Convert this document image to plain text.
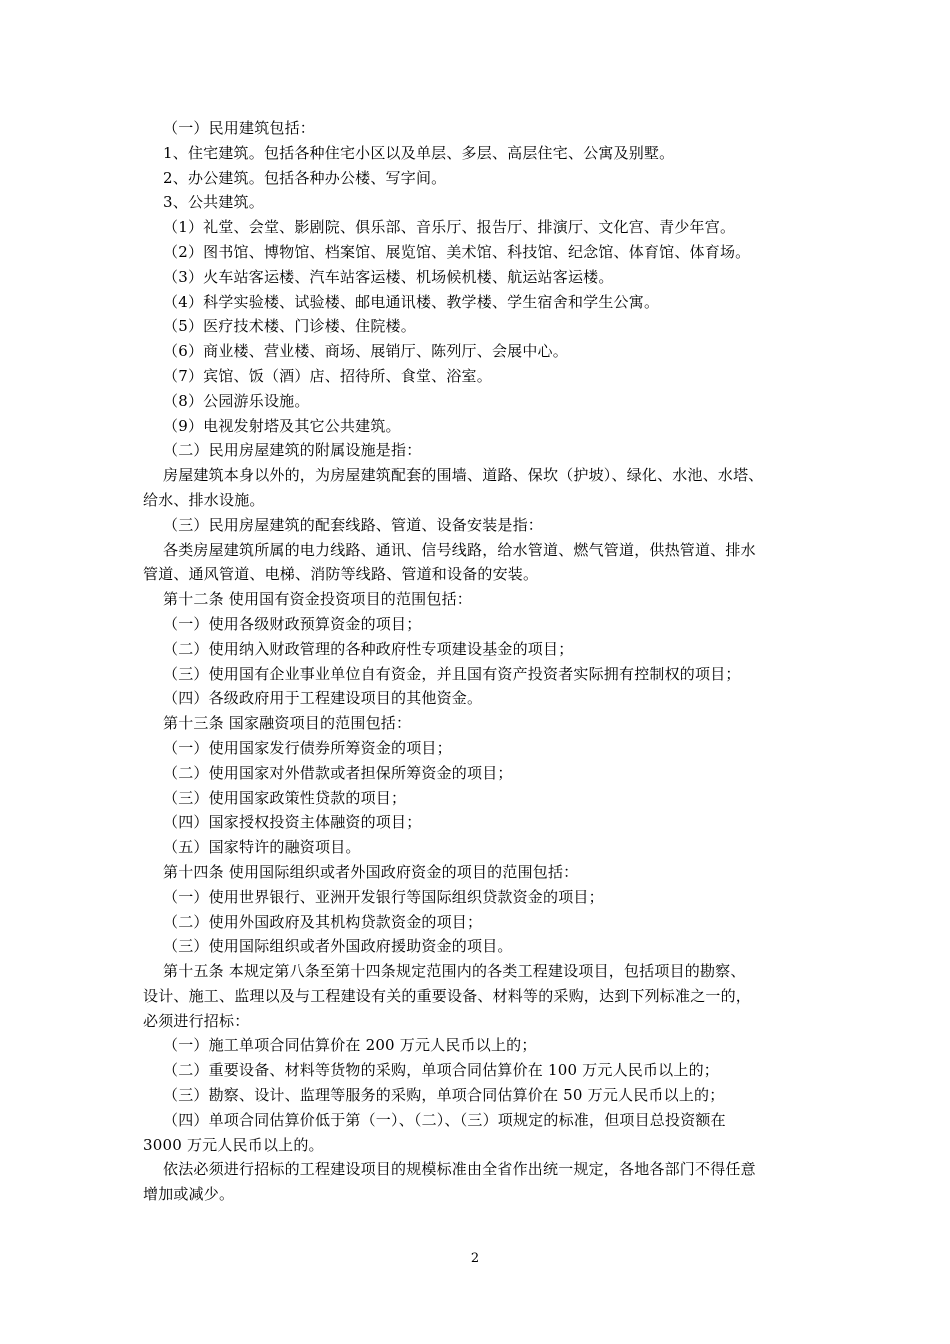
（一）民用建筑包括：
1、住宅建筑。包括各种住宅小区以及单层、多层、高层住宅、公寓及别墅。
2、办公建筑。包括各种办公楼、写字间。
3、公共建筑。
（1）礼堂、会堂、影剧院、俱乐部、音乐厅、报告厅、排演厅、文化宫、青少年宫。
（2）图书馆、博物馆、档案馆、展览馆、美术馆、科技馆、纪念馆、体育馆、体育场。
（3）火车站客运楼、汽车站客运楼、机场候机楼、航运站客运楼。
（4）科学实验楼、试验楼、邮电通讯楼、教学楼、学生宿舍和学生公寓。
（5）医疗技术楼、门诊楼、住院楼。
（6）商业楼、营业楼、商场、展销厅、陈列厅、会展中心。
（7）宾馆、饭（酒）店、招待所、食堂、浴室。
（8）公园游乐设施。
（9）电视发射塔及其它公共建筑。
（二）民用房屋建筑的附属设施是指：
房屋建筑本身以外的，为房屋建筑配套的围墙、道路、保坎（护坡）、绿化、水池、水塔、
给水、排水设施。
（三）民用房屋建筑的配套线路、管道、设备安装是指：
各类房屋建筑所属的电力线路、通讯、信号线路，给水管道、燃气管道，供热管道、排水
管道、通风管道、电梯、消防等线路、管道和设备的安装。
第十二条 使用国有资金投资项目的范围包括：
（一）使用各级财政预算资金的项目；
（二）使用纳入财政管理的各种政府性专项建设基金的项目；
（三）使用国有企业事业单位自有资金，并且国有资产投资者实际拥有控制权的项目；
（四）各级政府用于工程建设项目的其他资金。
第十三条 国家融资项目的范围包括：
（一）使用国家发行债券所筹资金的项目；
（二）使用国家对外借款或者担保所筹资金的项目；
（三）使用国家政策性贷款的项目；
（四）国家授权投资主体融资的项目；
（五）国家特许的融资项目。
第十四条 使用国际组织或者外国政府资金的项目的范围包括：
（一）使用世界银行、亚洲开发银行等国际组织贷款资金的项目；
（二）使用外国政府及其机构贷款资金的项目；
（三）使用国际组织或者外国政府援助资金的项目。
第十五条 本规定第八条至第十四条规定范围内的各类工程建设项目，包括项目的勘察、
设计、施工、监理以及与工程建设有关的重要设备、材料等的采购，达到下列标准之一的，
必须进行招标：
（一）施工单项合同估算价在 200 万元人民币以上的；
（二）重要设备、材料等货物的采购，单项合同估算价在 100 万元人民币以上的；
（三）勘察、设计、监理等服务的采购，单项合同估算价在 50 万元人民币以上的；
（四）单项合同估算价低于第（一）、（二）、（三）项规定的标准，但项目总投资额在
3000 万元人民币以上的。
依法必须进行招标的工程建设项目的规模标准由全省作出统一规定，各地各部门不得任意
增加或减少。
2
